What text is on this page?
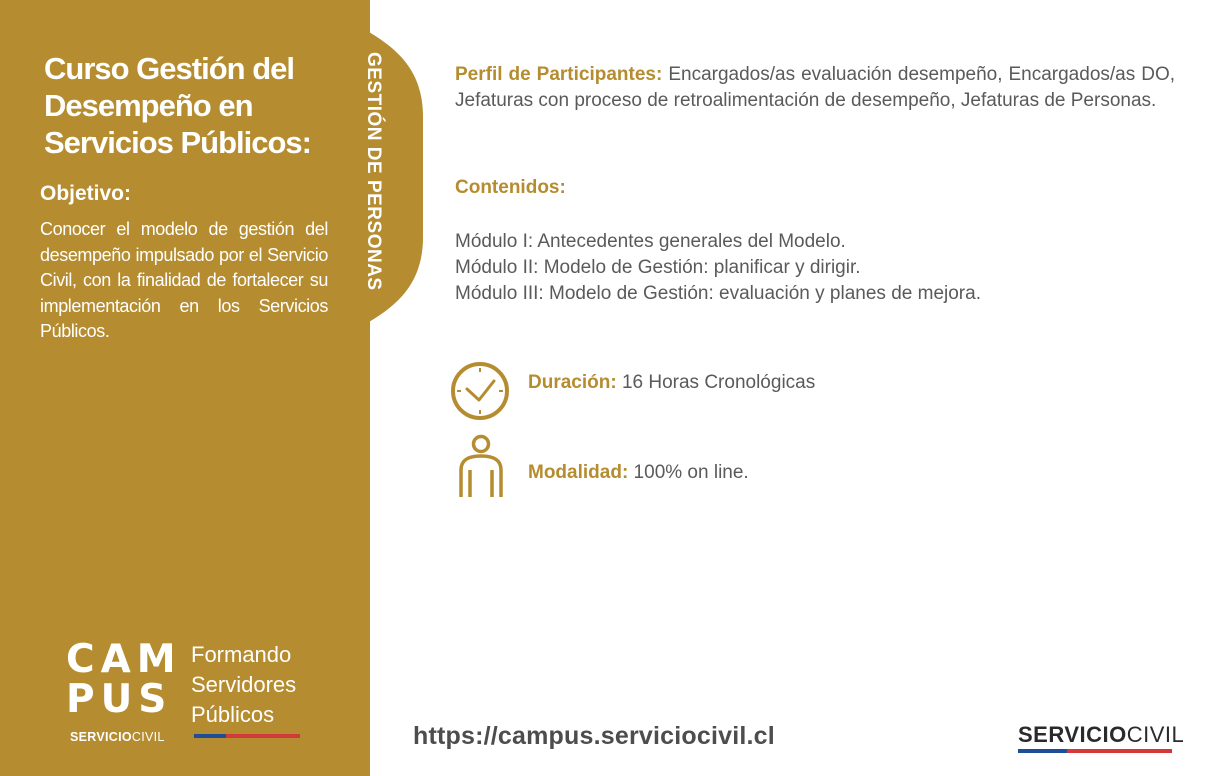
GESTIÓN DE PERSONAS
Curso Gestión del Desempeño en Servicios Públicos:
Objetivo:

Conocer el modelo de gestión del desempeño impulsado por el Servicio Civil, con la finalidad de fortalecer su implementación en los Servicios Públicos.

CAM
PUS
SERVICIOCIVIL
Formando
Servidores
Públicos

Perfil de Participantes: Encargados/as evaluación desempeño, Encargados/as DO, Jefaturas con proceso de retroalimentación de desempeño, Jefaturas de Personas.

Contenidos:
Módulo I: Antecedentes generales del Modelo.
Módulo II: Modelo de Gestión: planificar y dirigir.
Módulo III: Modelo de Gestión: evaluación y planes de mejora.

Duración: 16 Horas Cronológicas

Modalidad: 100% on line.

https://campus.serviciocivil.cl	SERVICIOCIVIL
